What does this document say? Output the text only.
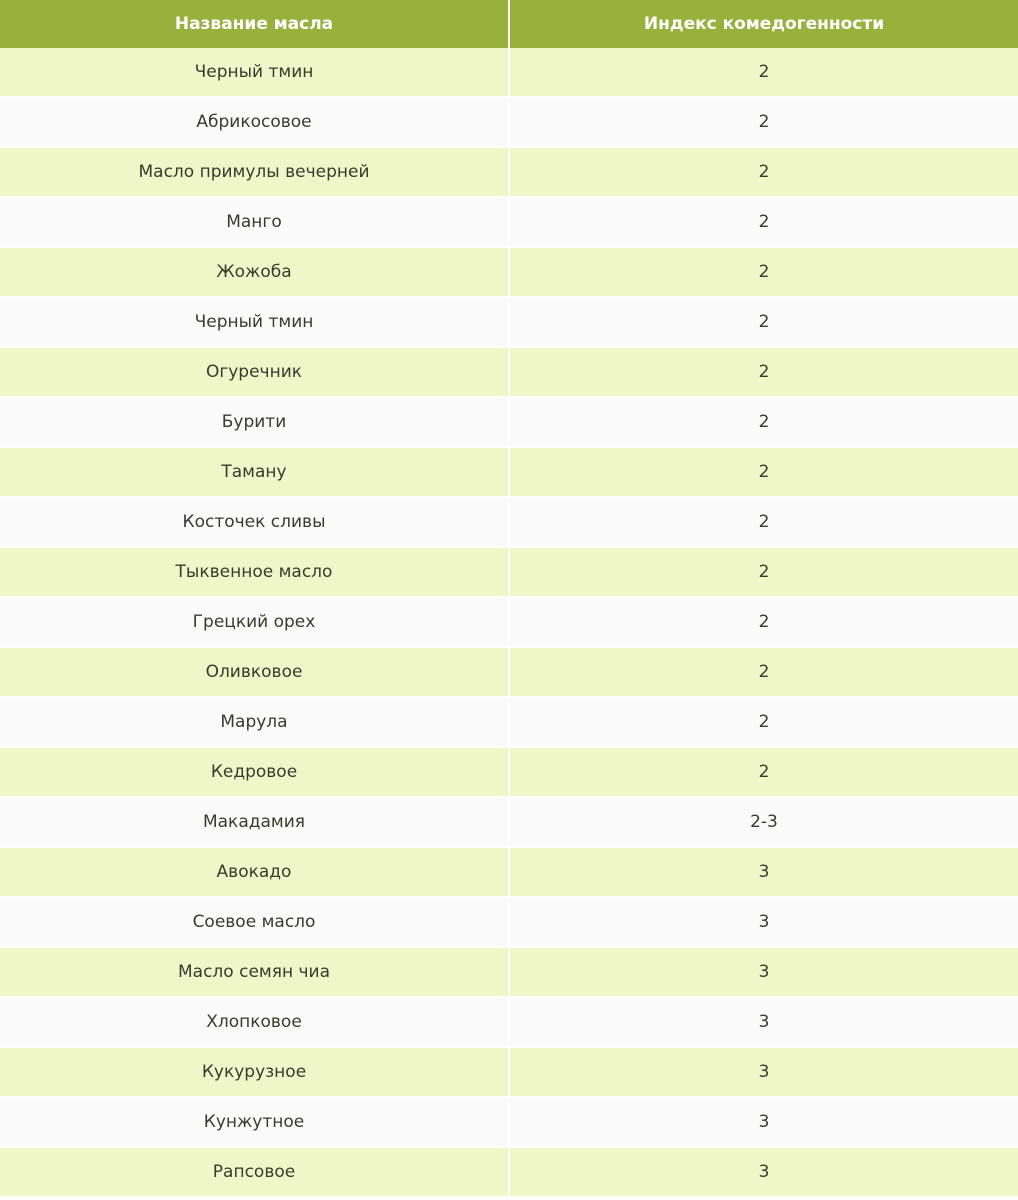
Название масла	Индекс комедогенности
Черный тмин	2
Абрикосовое	2
Масло примулы вечерней	2
Манго	2
Жожоба	2
Черный тмин	2
Огуречник	2
Бурити	2
Таману	2
Косточек сливы	2
Тыквенное масло	2
Грецкий орех	2
Оливковое	2
Марула	2
Кедровое	2
Макадамия	2-3
Авокадо	3
Соевое масло	3
Масло семян чиа	3
Хлопковое	3
Кукурузное	3
Кунжутное	3
Рапсовое	3
